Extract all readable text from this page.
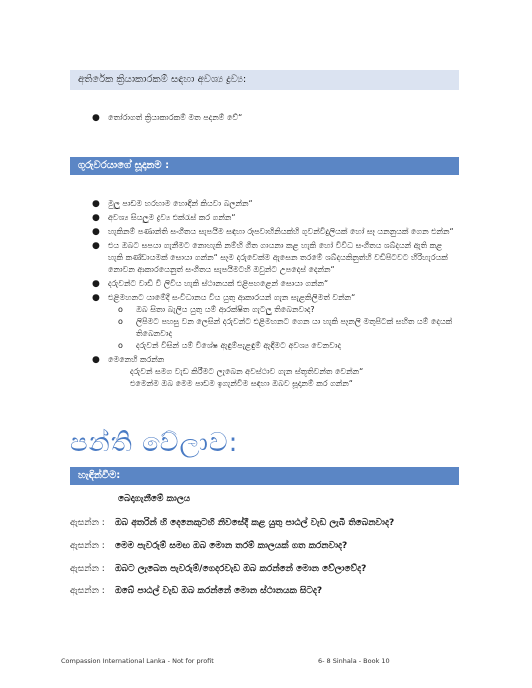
අතිරේක ක්‍රියාකාරකම් සඳහා අවශ්‍ය ද්‍රව්‍ය:
● තෝරාගත් ක්‍රියාකාරකම් මත පදනම් වේ“
ගුරුවරයාගේ සූදානම :
● මුලු පාඩම හරහාම හොඳින් කියවා බලන්න“
● අවශ්‍ය සියලුම ද්‍රව්‍ය එක්රැස් කර ගන්න“
● හැකිනම් පණාන්ති සංගීතය සැපයීම සඳහා රූපවාහිනියක්හි ගුවන්විදුලියක් හෝ සෑ යනනුයක් ගෙන එන්න“
● එය ඔබට සපයා ගැනීමට නොහැකි නම්හි ගීත ගායනා කළ හැකි හෝ විවිධ සංගීතය ශබ්දයන් ඇති කළ හැකි කණ්ඩායමක් සොයා ගන්න“ සෑම දරුවෙක්ම ඇසෙන තරමේ ශබ්දයකිනුත්හි වඩිපිටවට හිරිහැරයක් නොවන ආකාරයෙනුත් සංගීතය සැපයීමටහි ඔවුන්ට උපදෙස් දෙන්න“
● දරුවන්ට වාඩි වී ලිවිය හැකි ස්ථානයක් එළිපහළෙන් සොයා ගන්න“
● එළිමහනට යාමේදී සංවිධානය විය යුතු ආකාරයන් ගැන සැළකිලිමත් වන්න“
o ඔබ සිතා බැලිය යුතු යම් ආරක්ෂිත ගැටලු තිබෙනවාද?
o ලිපිමට පහසු වන ලෙසින් දරුවන්ට එළිමහනට ගෙන යා හැකි පෑනලි මතුපිටක් සහිත යම් දෙයක් තිබෙනවාද
o දරුවන් විසින් යම් විශේෂ ඇඳුම්පැළඳුම් ඇඳීමට අවශ්‍ය වෙනවාද
● මෙනෙහි කරන්න
දරුවන් සමග වැඩ කිරීමට ලැබෙන අවස්ථාව ගැන ස්තූතිවන්ත වෙන්න“
එමෙන්ම ඔබ මෙම පාඩම ඉගැන්වීම සඳහා ඔබව සූදානම් කර ගන්න“
පන්ති වේලාව:
හැඳින්වීම:
බෙදාගැනීමේ කාලය
ඇසන්න : ඔබ අතරින් හි දෙනෙකුටහි නිවසේදී කළ යුතු පාඨල් වැඩ ලැබී තිබෙනවාද?
ඇසන්න : මෙම පැවරුම් සමඟ ඔබ මොන තරම් කාලයක් ගත කරනවාද?
ඇසන්න : ඔබට ලැබෙන පැවරුම්/ගෙදරවැඩ ඔබ කරන්නේ මොන වේලාවේද?
ඇසන්න : ඔබේ පාඨල් වැඩ ඔබ කරන්නේ මොන ස්ථානයක සිටද?
Compassion International Lanka - Not for profit	6- 8 Sinhala - Book 10
